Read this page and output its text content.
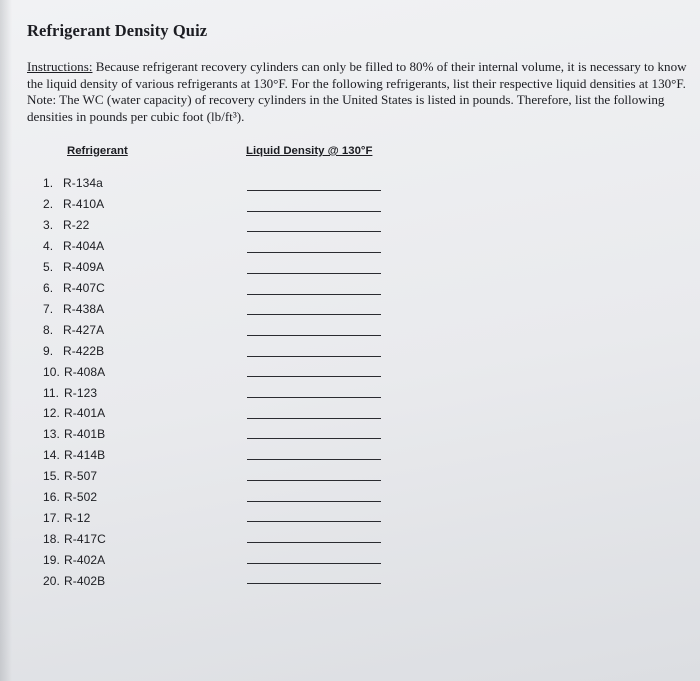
Refrigerant Density Quiz
Instructions: Because refrigerant recovery cylinders can only be filled to 80% of their internal volume, it is necessary to know the liquid density of various refrigerants at 130°F. For the following refrigerants, list their respective liquid densities at 130°F. Note: The WC (water capacity) of recovery cylinders in the United States is listed in pounds. Therefore, list the following densities in pounds per cubic foot (lb/ft³).
Refrigerant	Liquid Density @ 130°F
1. R-134a
2. R-410A
3. R-22
4. R-404A
5. R-409A
6. R-407C
7. R-438A
8. R-427A
9. R-422B
10. R-408A
11. R-123
12. R-401A
13. R-401B
14. R-414B
15. R-507
16. R-502
17. R-12
18. R-417C
19. R-402A
20. R-402B
